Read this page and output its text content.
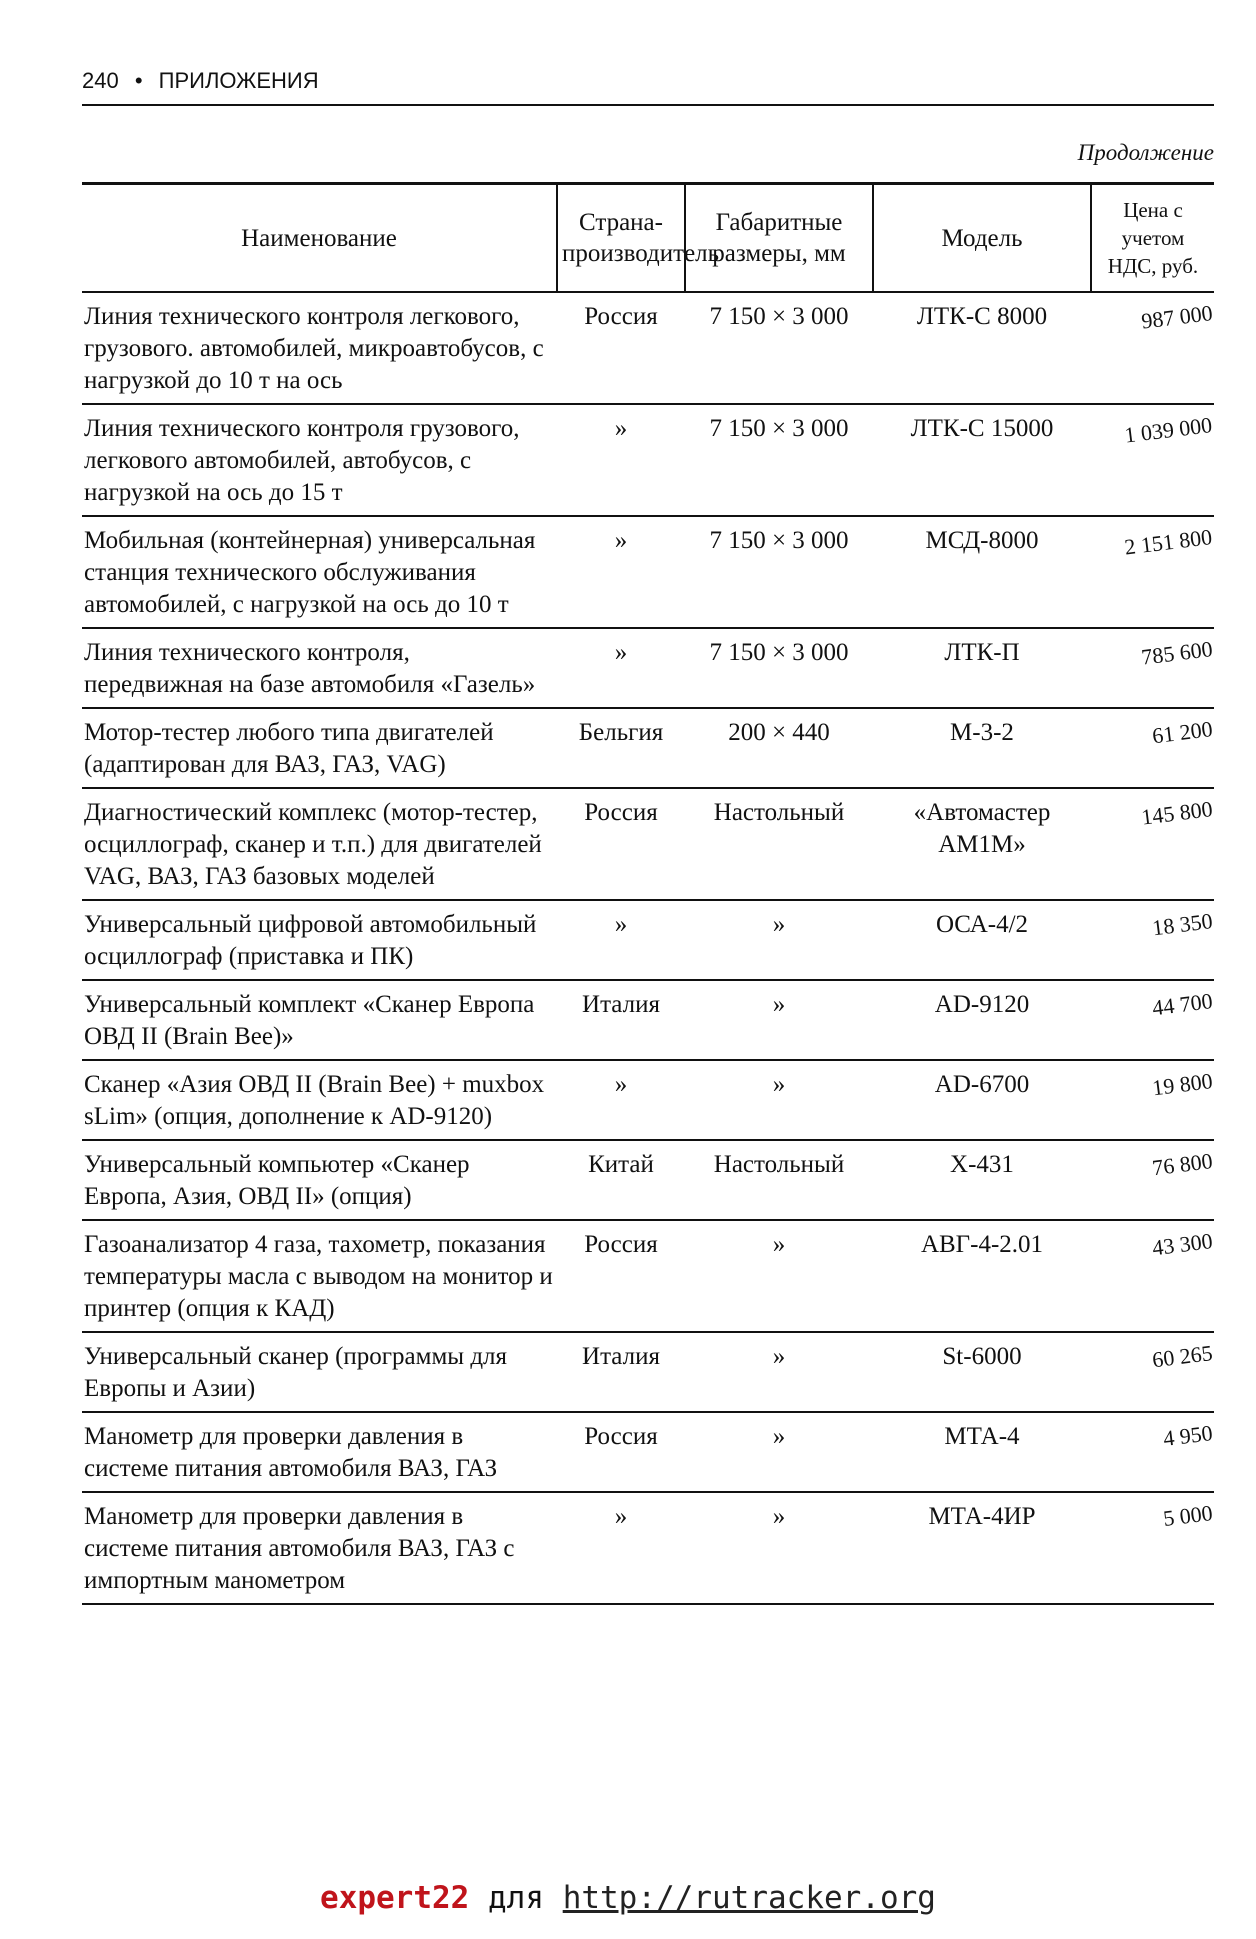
240 • ПРИЛОЖЕНИЯ
Продолжение
Наименование	Страна-производитель	Габаритные размеры, мм	Модель	Цена с учетом НДС, руб.
Линия технического контроля легкового, грузового. автомобилей, микроавтобусов, с нагрузкой до 10 т на ось	Россия	7 150 × 3 000	ЛТК-С 8000	987 000
Линия технического контроля грузового, легкового автомобилей, автобусов, с нагрузкой на ось до 15 т	»	7 150 × 3 000	ЛТК-С 15000	1 039 000
Мобильная (контейнерная) универсальная станция технического обслуживания автомобилей, с нагрузкой на ось до 10 т	»	7 150 × 3 000	МСД-8000	2 151 800
Линия технического контроля, передвижная на базе автомобиля «Газель»	»	7 150 × 3 000	ЛТК-П	785 600
Мотор-тестер любого типа двигателей (адаптирован для ВАЗ, ГАЗ, VAG)	Бельгия	200 × 440	М-3-2	61 200
Диагностический комплекс (мотор-тестер, осциллограф, сканер и т.п.) для двигателей VAG, ВАЗ, ГАЗ базовых моделей	Россия	Настольный	«Автомастер АМ1М»	145 800
Универсальный цифровой автомобильный осциллограф (приставка и ПК)	»	»	ОСА-4/2	18 350
Универсальный комплект «Сканер Европа ОВД II (Brain Bee)»	Италия	»	AD-9120	44 700
Сканер «Азия ОВД II (Brain Bee) + muxbox sLim» (опция, дополнение к AD-9120)	»	»	AD-6700	19 800
Универсальный компьютер «Сканер Европа, Азия, ОВД II» (опция)	Китай	Настольный	Х-431	76 800
Газоанализатор 4 газа, тахометр, показания температуры масла с выводом на монитор и принтер (опция к КАД)	Россия	»	АВГ-4-2.01	43 300
Универсальный сканер (программы для Европы и Азии)	Италия	»	St-6000	60 265
Манометр для проверки давления в системе питания автомобиля ВАЗ, ГАЗ	Россия	»	МТА-4	4 950
Манометр для проверки давления в системе питания автомобиля ВАЗ, ГАЗ с импортным манометром	»	»	МТА-4ИР	5 000
expert22 для http://rutracker.org
